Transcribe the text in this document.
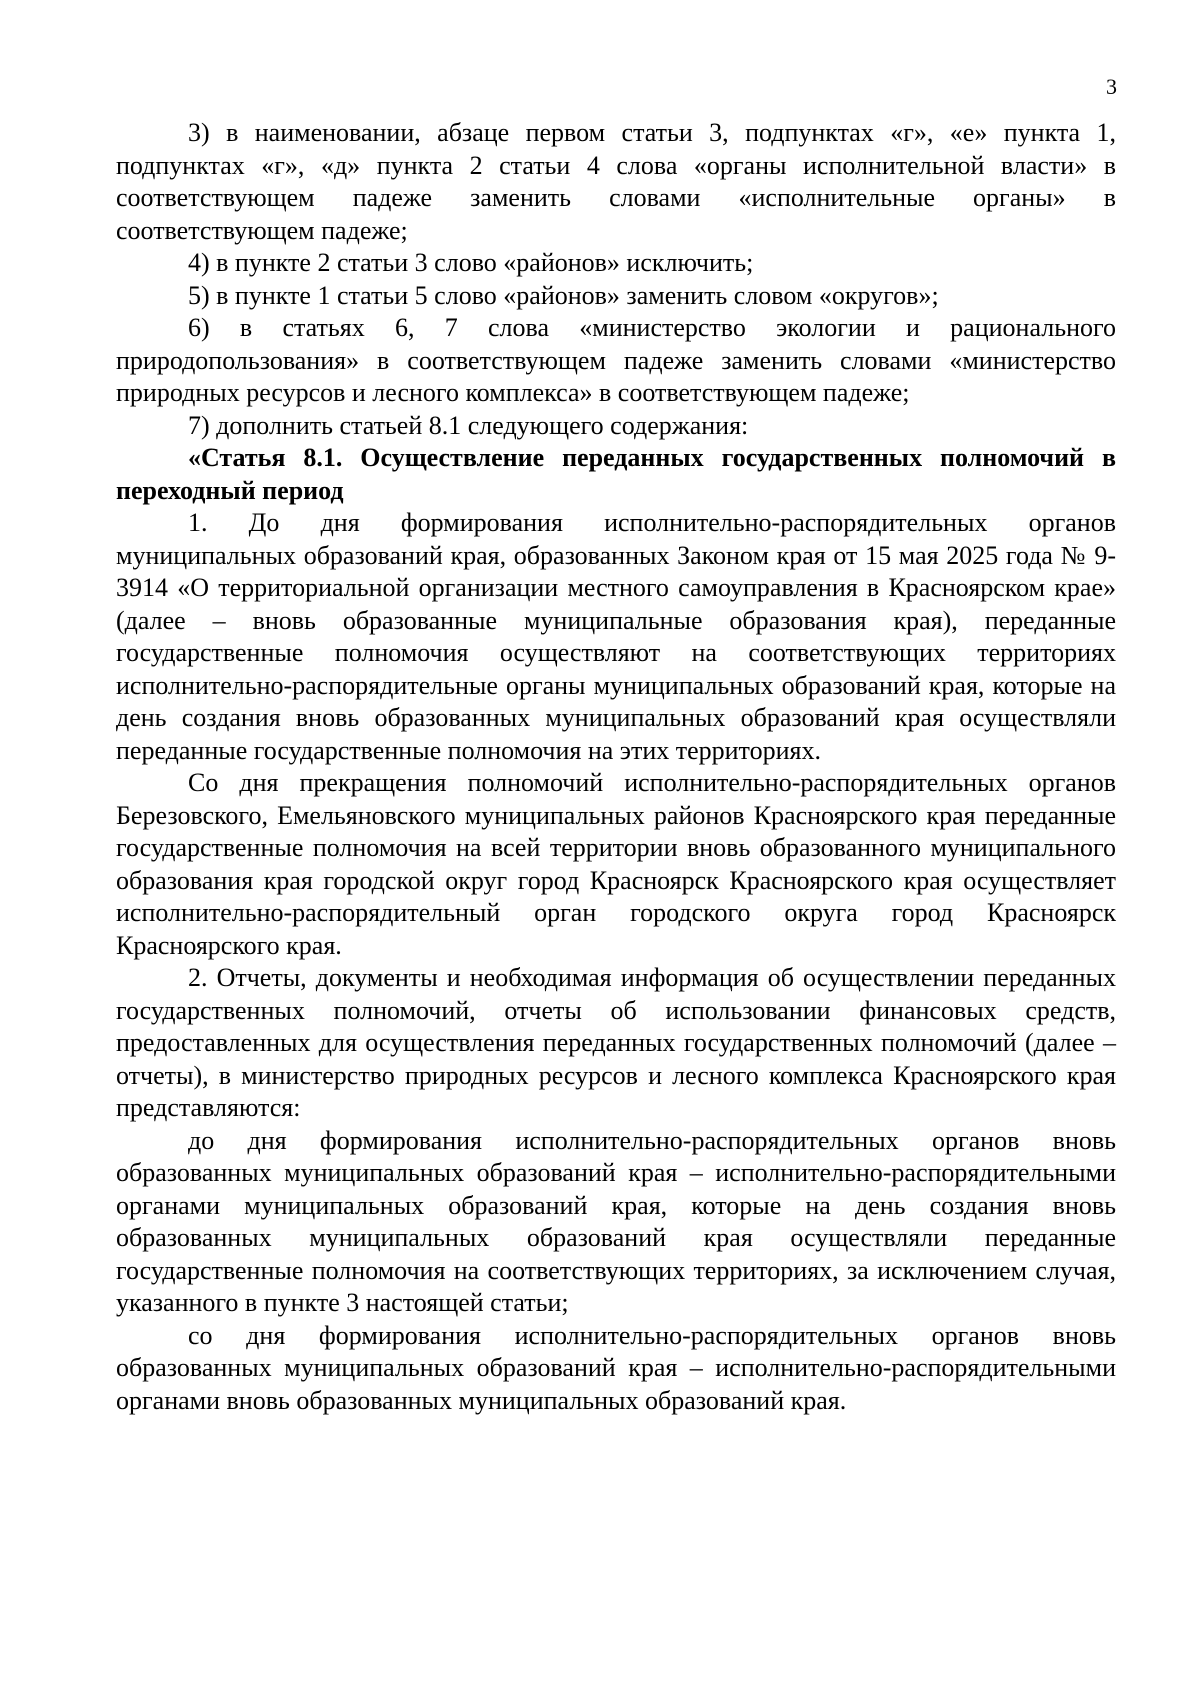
3

3) в наименовании, абзаце первом статьи 3, подпунктах «г», «е» пункта 1, подпунктах «г», «д» пункта 2 статьи 4 слова «органы исполнительной власти» в соответствующем падеже заменить словами «исполнительные органы» в соответствующем падеже;

4) в пункте 2 статьи 3 слово «районов» исключить;

5) в пункте 1 статьи 5 слово «районов» заменить словом «округов»;

6) в статьях 6, 7 слова «министерство экологии и рационального природопользования» в соответствующем падеже заменить словами «министерство природных ресурсов и лесного комплекса» в соответствующем падеже;

7) дополнить статьей 8.1 следующего содержания:

«Статья 8.1. Осуществление переданных государственных полномочий в переходный период

1. До дня формирования исполнительно-распорядительных органов муниципальных образований края, образованных Законом края от 15 мая 2025 года № 9-3914 «О территориальной организации местного самоуправления в Красноярском крае» (далее – вновь образованные муниципальные образования края), переданные государственные полномочия осуществляют на соответствующих территориях исполнительно-распорядительные органы муниципальных образований края, которые на день создания вновь образованных муниципальных образований края осуществляли переданные государственные полномочия на этих территориях.

Со дня прекращения полномочий исполнительно-распорядительных органов Березовского, Емельяновского муниципальных районов Красноярского края переданные государственные полномочия на всей территории вновь образованного муниципального образования края городской округ город Красноярск Красноярского края осуществляет исполнительно-распорядительный орган городского округа город Красноярск Красноярского края.

2. Отчеты, документы и необходимая информация об осуществлении переданных государственных полномочий, отчеты об использовании финансовых средств, предоставленных для осуществления переданных государственных полномочий (далее – отчеты), в министерство природных ресурсов и лесного комплекса Красноярского края представляются:

до дня формирования исполнительно-распорядительных органов вновь образованных муниципальных образований края – исполнительно-распорядительными органами муниципальных образований края, которые на день создания вновь образованных муниципальных образований края осуществляли переданные государственные полномочия на соответствующих территориях, за исключением случая, указанного в пункте 3 настоящей статьи;

со дня формирования исполнительно-распорядительных органов вновь образованных муниципальных образований края – исполнительно-распорядительными органами вновь образованных муниципальных образований края.
